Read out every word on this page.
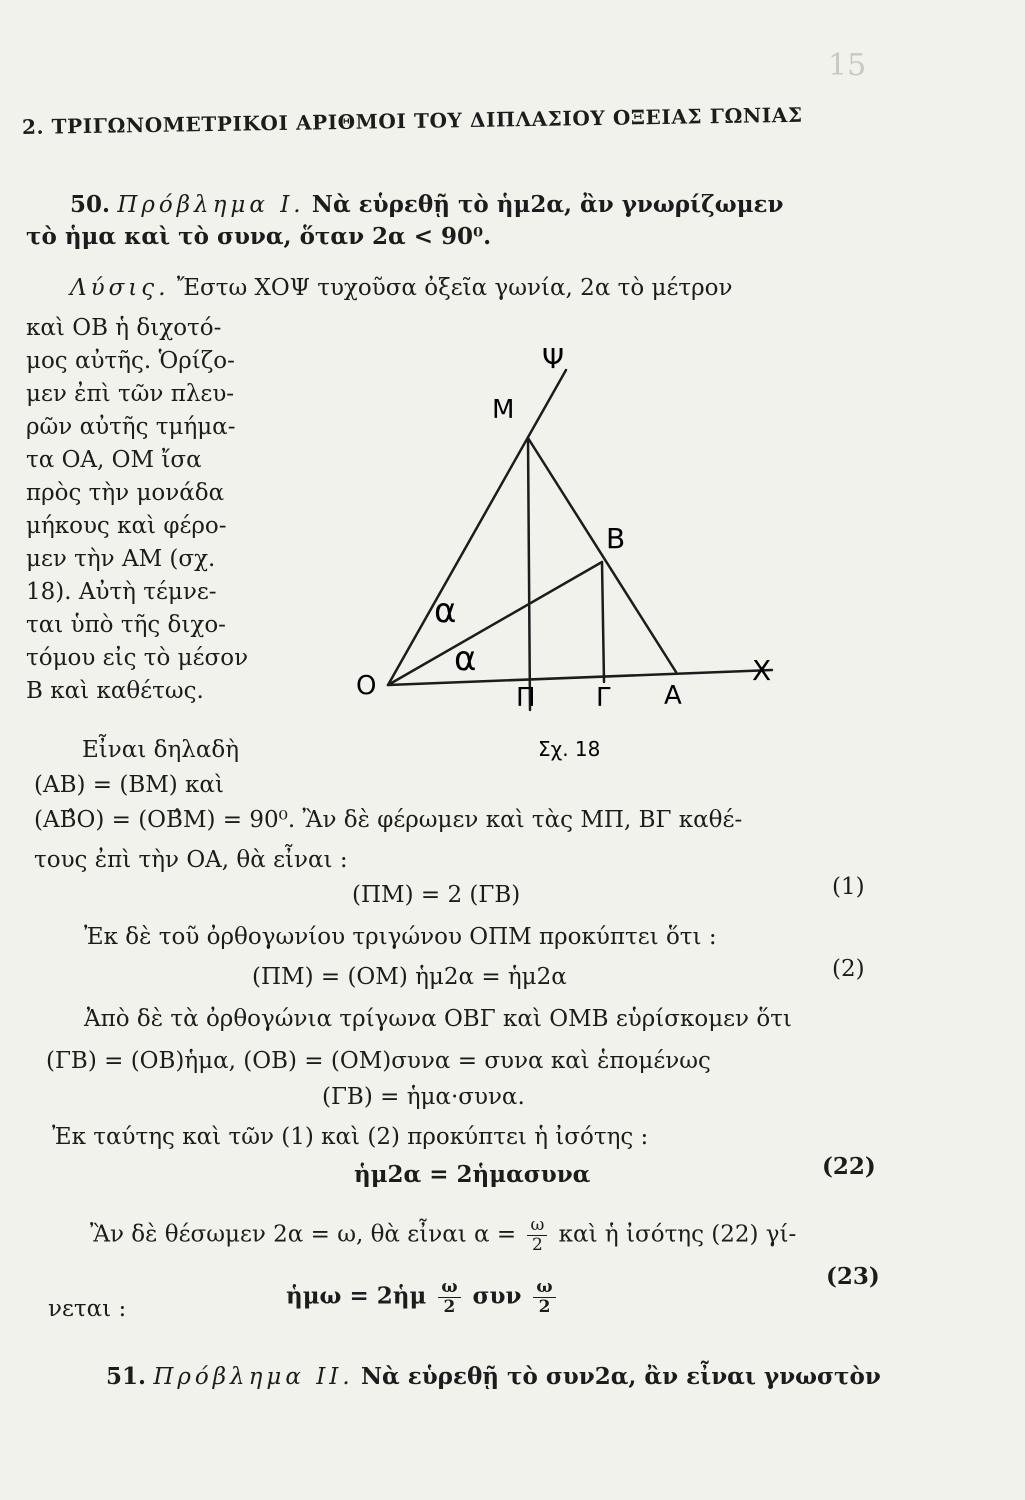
15
2. ΤΡΙΓΩΝΟΜΕΤΡΙΚΟΙ ΑΡΙΘΜΟΙ ΤΟΥ ΔΙΠΛΑΣΙΟΥ ΟΞΕΙΑΣ ΓΩΝΙΑΣ
50. Πρόβλημα Ι. Νὰ εὑρεθῇ τὸ ἡμ2α, ἂν γνωρίζωμεν
τὸ ἡμα καὶ τὸ συνα, ὅταν 2α < 90⁰.
Λύσις. Ἔστω ΧΟΨ τυχοῦσα ὀξεῖα γωνία, 2α τὸ μέτρον
καὶ ΟΒ ἡ διχοτό-
μος αὐτῆς. Ὁρίζο-
μεν ἐπὶ τῶν πλευ-
ρῶν αὐτῆς τμήμα-
τα ΟΑ, ΟΜ ἴσα
πρὸς τὴν μονάδα
μήκους καὶ φέρο-
μεν τὴν ΑΜ (σχ.
18). Αὐτὴ τέμνε-
ται ὑπὸ τῆς διχο-
τόμου εἰς τὸ μέσον
Β καὶ καθέτως.
Ψ
Μ
Β
α
α
Ο	Π Γ Α
Χ
Σχ. 18
Εἶναι δηλαδὴ
(ΑΒ) = (ΒΜ) καὶ
(ΑΒ̂Ο) = (ΟΒ̂Μ) = 90⁰. Ἂν δὲ φέρωμεν καὶ τὰς ΜΠ, ΒΓ καθέ-
τους ἐπὶ τὴν ΟΑ, θὰ εἶναι :
(ΠΜ) = 2 (ΓΒ)	(1)
Ἐκ δὲ τοῦ ὀρθογωνίου τριγώνου ΟΠΜ προκύπτει ὅτι :
(ΠΜ) = (ΟΜ) ἡμ2α = ἡμ2α	(2)
Ἀπὸ δὲ τὰ ὀρθογώνια τρίγωνα ΟΒΓ καὶ ΟΜΒ εὑρίσκομεν ὅτι
(ΓΒ) = (ΟΒ)ἡμα, (ΟΒ) = (ΟΜ)συνα = συνα καὶ ἑπομένως
(ΓΒ) = ἡμα·συνα.
Ἐκ ταύτης καὶ τῶν (1) καὶ (2) προκύπτει ἡ ἰσότης :
ἡμ2α = 2ἡμασυνα	(22)
Ἂν δὲ θέσωμεν 2α = ω, θὰ εἶναι $\alpha = \frac{\omega}{2}$ καὶ ἡ ἰσότης (22) γί-
νεται :	ἡμω = 2ἡμ $\frac{\omega}{2}$ συν $\frac{\omega}{2}$
(23)
51. Πρόβλημα ΙΙ. Νὰ εὑρεθῇ τὸ συν2α, ἂν εἶναι γνωστὸν
